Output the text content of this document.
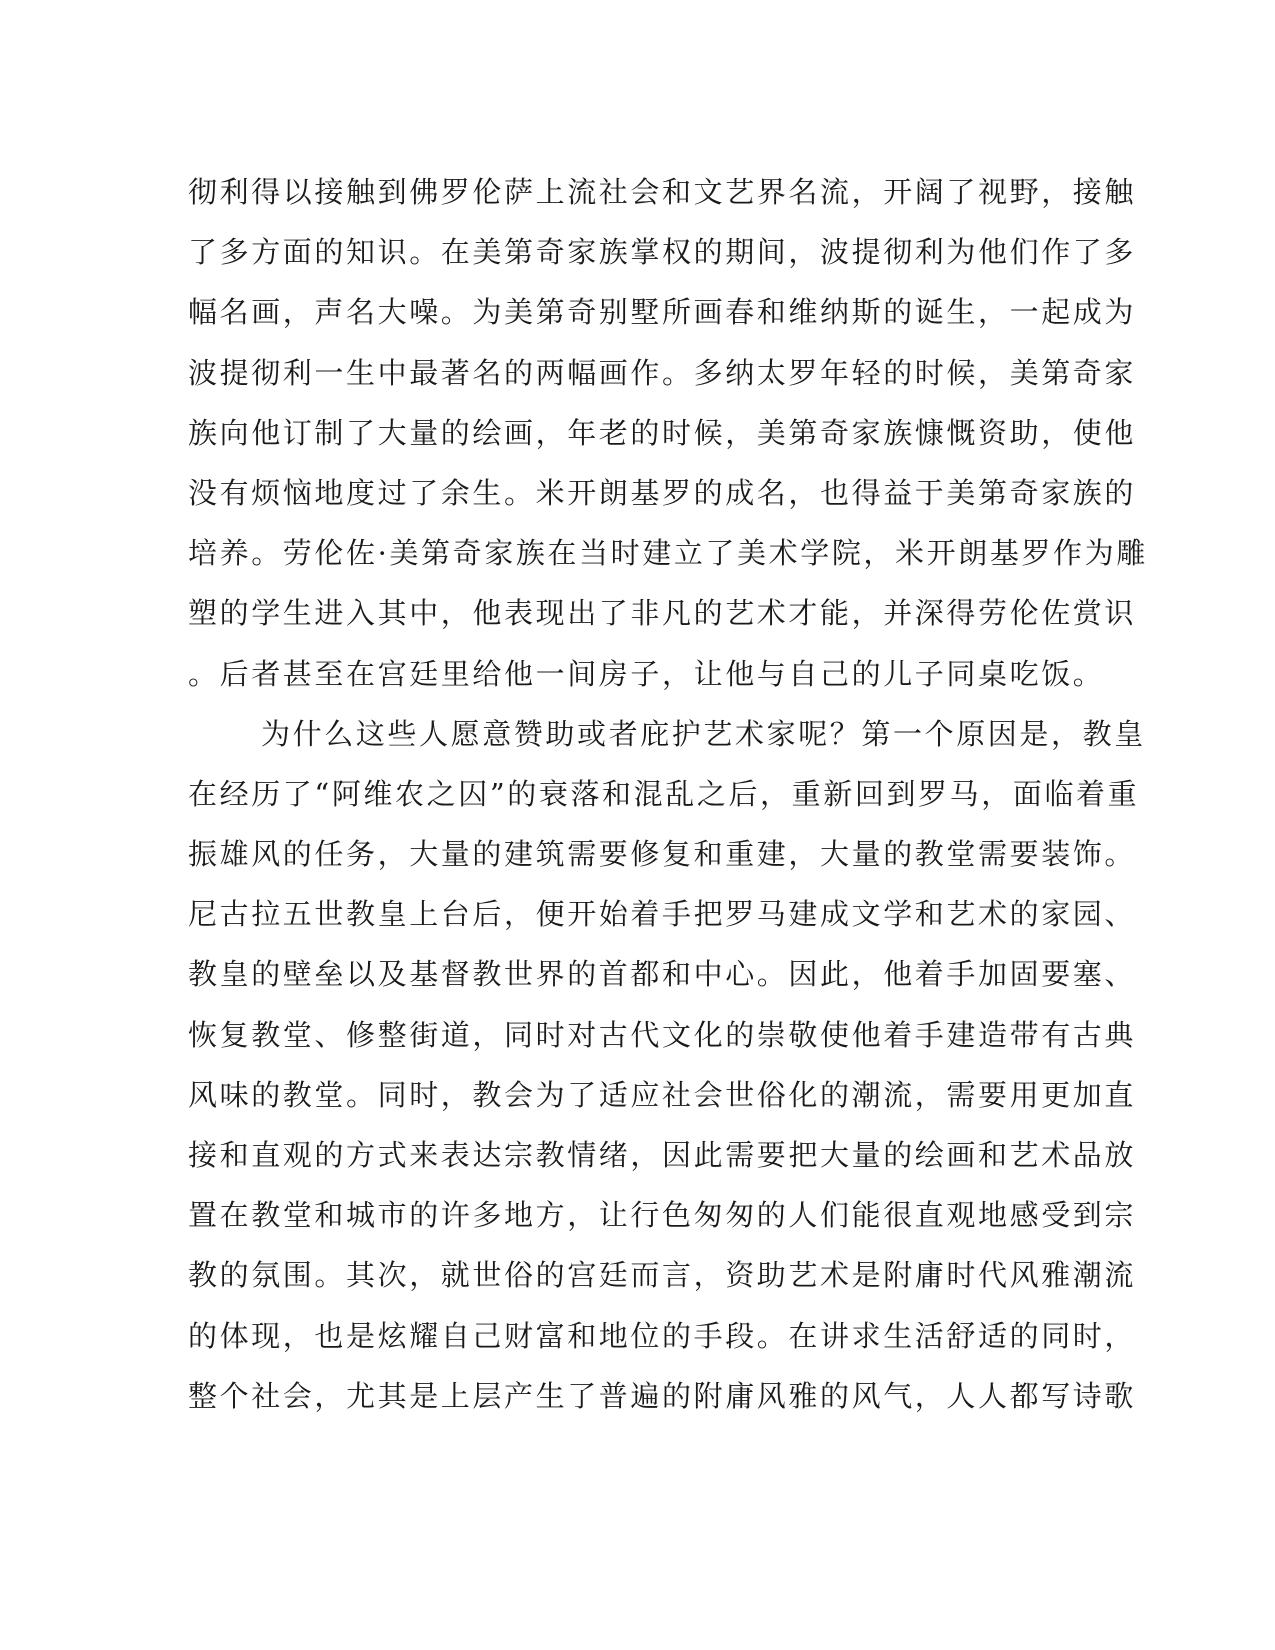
彻利得以接触到佛罗伦萨上流社会和文艺界名流，开阔了视野，接触
了多方面的知识。在美第奇家族掌权的期间，波提彻利为他们作了多
幅名画，声名大噪。为美第奇别墅所画春和维纳斯的诞生，一起成为
波提彻利一生中最著名的两幅画作。多纳太罗年轻的时候，美第奇家
族向他订制了大量的绘画，年老的时候，美第奇家族慷慨资助，使他
没有烦恼地度过了余生。米开朗基罗的成名，也得益于美第奇家族的
培养。劳伦佐·美第奇家族在当时建立了美术学院，米开朗基罗作为雕
塑的学生进入其中，他表现出了非凡的艺术才能，并深得劳伦佐赏识
。后者甚至在宫廷里给他一间房子，让他与自己的儿子同桌吃饭。
为什么这些人愿意赞助或者庇护艺术家呢？第一个原因是，教皇
在经历了“阿维农之囚”的衰落和混乱之后，重新回到罗马，面临着重
振雄风的任务，大量的建筑需要修复和重建，大量的教堂需要装饰。
尼古拉五世教皇上台后，便开始着手把罗马建成文学和艺术的家园、
教皇的壁垒以及基督教世界的首都和中心。因此，他着手加固要塞、
恢复教堂、修整街道，同时对古代文化的崇敬使他着手建造带有古典
风味的教堂。同时，教会为了适应社会世俗化的潮流，需要用更加直
接和直观的方式来表达宗教情绪，因此需要把大量的绘画和艺术品放
置在教堂和城市的许多地方，让行色匆匆的人们能很直观地感受到宗
教的氛围。其次，就世俗的宫廷而言，资助艺术是附庸时代风雅潮流
的体现，也是炫耀自己财富和地位的手段。在讲求生活舒适的同时，
整个社会，尤其是上层产生了普遍的附庸风雅的风气，人人都写诗歌
